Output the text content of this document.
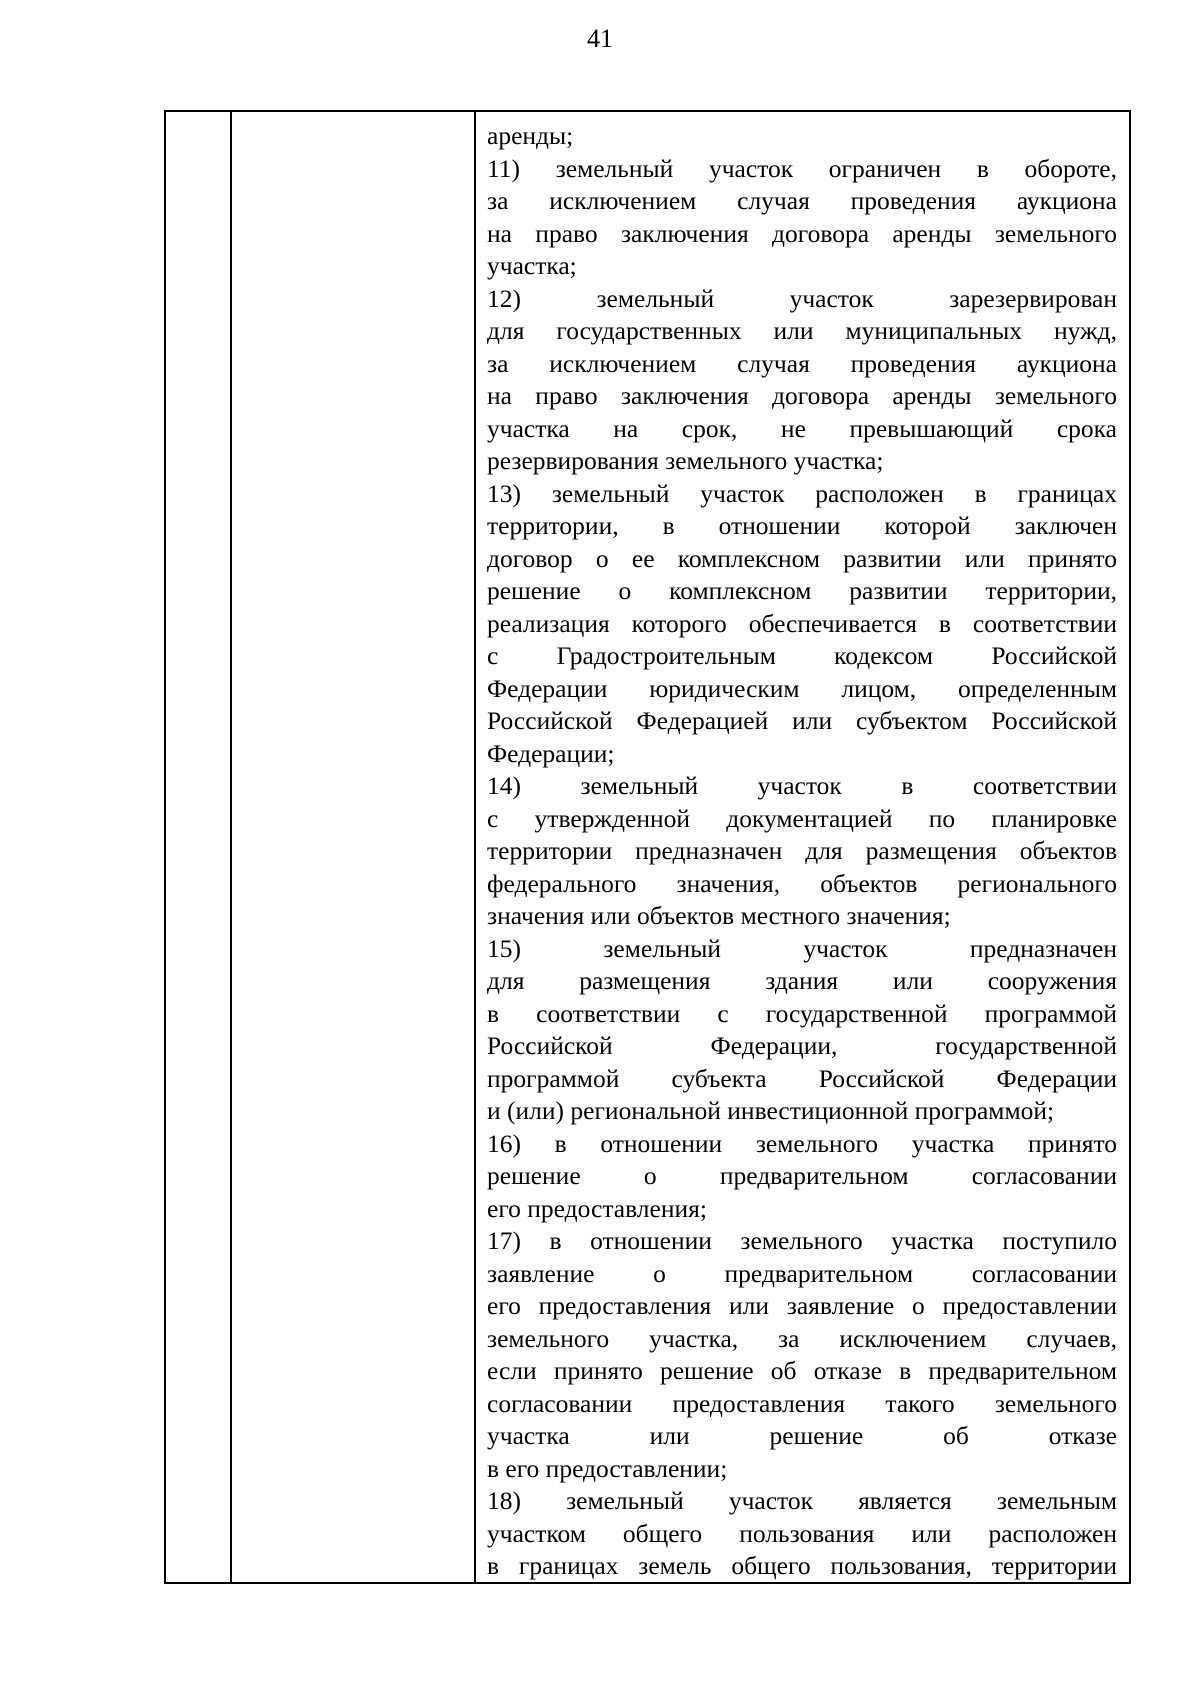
41
аренды;
11) земельный участок ограничен в обороте,
за исключением случая проведения аукциона
на право заключения договора аренды земельного
участка;
12) земельный участок зарезервирован
для государственных или муниципальных нужд,
за исключением случая проведения аукциона
на право заключения договора аренды земельного
участка на срок, не превышающий срока
резервирования земельного участка;
13) земельный участок расположен в границах
территории, в отношении которой заключен
договор о ее комплексном развитии или принято
решение о комплексном развитии территории,
реализация которого обеспечивается в соответствии
с Градостроительным кодексом Российской
Федерации юридическим лицом, определенным
Российской Федерацией или субъектом Российской
Федерации;
14) земельный участок в соответствии
с утвержденной документацией по планировке
территории предназначен для размещения объектов
федерального значения, объектов регионального
значения или объектов местного значения;
15) земельный участок предназначен
для размещения здания или сооружения
в соответствии с государственной программой
Российской Федерации, государственной
программой субъекта Российской Федерации
и (или) региональной инвестиционной программой;
16) в отношении земельного участка принято
решение о предварительном согласовании
его предоставления;
17) в отношении земельного участка поступило
заявление о предварительном согласовании
его предоставления или заявление о предоставлении
земельного участка, за исключением случаев,
если принято решение об отказе в предварительном
согласовании предоставления такого земельного
участка или решение об отказе
в его предоставлении;
18) земельный участок является земельным
участком общего пользования или расположен
в границах земель общего пользования, территории
